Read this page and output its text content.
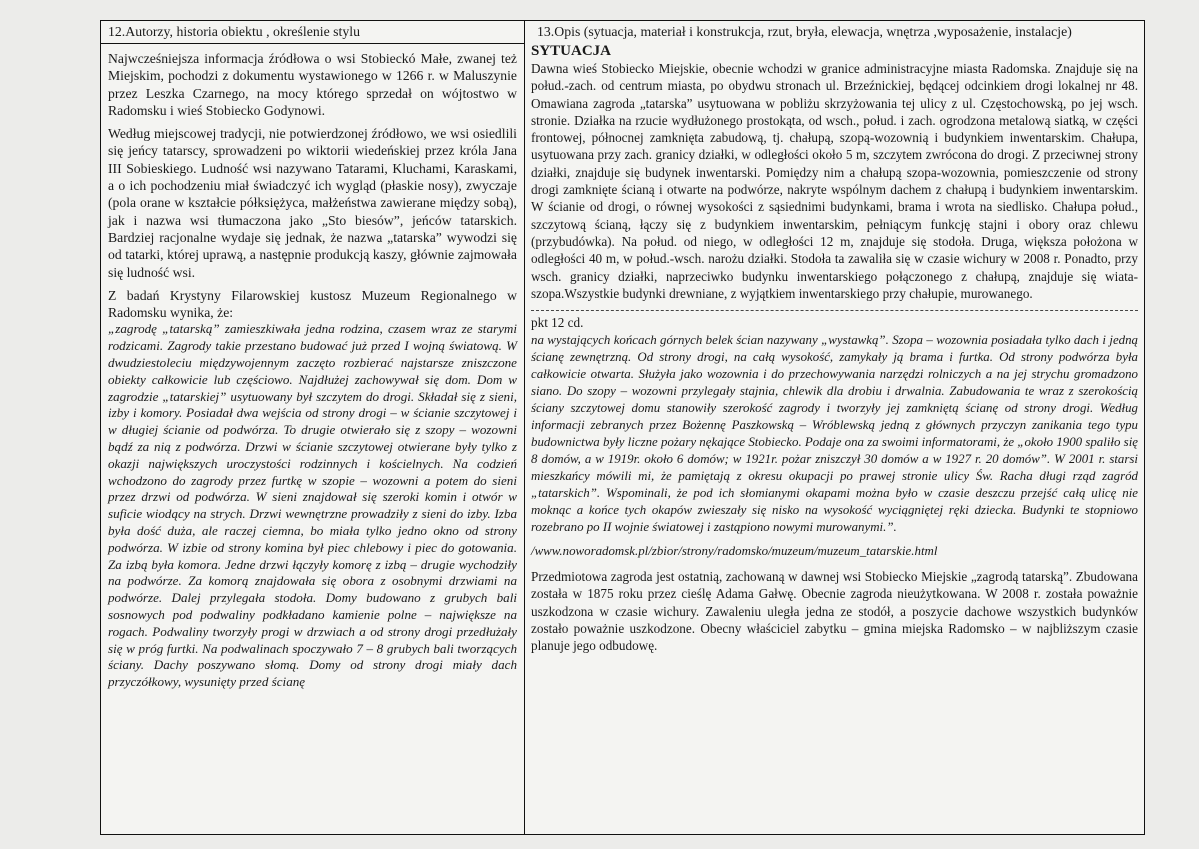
12.Autorzy, historia obiektu , określenie stylu

Najwcześniejsza informacja źródłowa o wsi Stobieckó Małe, zwanej też Miejskim, pochodzi z dokumentu wystawionego w 1266 r. w Maluszynie przez Leszka Czarnego, na mocy którego sprzedał on wójtostwo w Radomsku i wieś Stobiecko Godynowi.

Według miejscowej tradycji, nie potwierdzonej źródłowo, we wsi osiedlili się jeńcy tatarscy, sprowadzeni po wiktorii wiedeńskiej przez króla Jana III Sobieskiego. Ludność wsi nazywano Tatarami, Kluchami, Karaskami, a o ich pochodzeniu miał świadczyć ich wygląd (płaskie nosy), zwyczaje (pola orane w kształcie półksiężyca, małżeństwa zawierane między sobą), jak i nazwa wsi tłumaczona jako „Sto biesów”, jeńców tatarskich. Bardziej racjonalne wydaje się jednak, że nazwa „tatarska” wywodzi się od tatarki, której uprawą, a następnie produkcją kaszy, głównie zajmowała się ludność wsi.

Z badań Krystyny Filarowskiej kustosz Muzeum Regionalnego w Radomsku wynika, że:

„zagrodę „tatarską” zamieszkiwała jedna rodzina, czasem wraz ze starymi rodzicami. Zagrody takie przestano budować już przed I wojną światową. W dwudziestoleciu międzywojennym zaczęto rozbierać najstarsze zniszczone obiekty całkowicie lub częściowo. Najdłużej zachowywał się dom. Dom w zagrodzie „tatarskiej” usytuowany był szczytem do drogi. Składał się z sieni, izby i komory. Posiadał dwa wejścia od strony drogi – w ścianie szczytowej i w długiej ścianie od podwórza. To drugie otwierało się z szopy – wozowni bądź za nią z podwórza. Drzwi w ścianie szczytowej otwierane były tylko z okazji największych uroczystości rodzinnych i kościelnych. Na codzień wchodzono do zagrody przez furtkę w szopie – wozowni a potem do sieni przez drzwi od podwórza. W sieni znajdował się szeroki komin i otwór w suficie wiodący na strych. Drzwi wewnętrzne prowadziły z sieni do izby. Izba była dość duża, ale raczej ciemna, bo miała tylko jedno okno od strony podwórza. W izbie od strony komina był piec chlebowy i piec do gotowania. Za izbą była komora. Jedne drzwi łączyły komorę z izbą – drugie wychodziły na podwórze. Za komorą znajdowała się obora z osobnymi drzwiami na podwórze. Dalej przylegała stodoła. Domy budowano z grubych bali sosnowych pod podwaliny podkładano kamienie polne – największe na rogach. Podwaliny tworzyły progi w drzwiach a od strony drogi przedłużały się w próg furtki. Na podwalinach spoczywało 7 – 8 grubych bali tworzących ściany. Dachy poszywano słomą. Domy od strony drogi miały dach przyczółkowy, wysunięty przed ścianę

13.Opis (sytuacja, materiał i konstrukcja, rzut, bryła, elewacja, wnętrza ,wyposażenie, instalacje)
SYTUACJA

Dawna wieś Stobiecko Miejskie, obecnie wchodzi w granice administracyjne miasta Radomska. Znajduje się na połud.-zach. od centrum miasta, po obydwu stronach ul. Brzeźnickiej, będącej odcinkiem drogi lokalnej nr 48. Omawiana zagroda „tatarska” usytuowana w pobliżu skrzyżowania tej ulicy z ul. Częstochowską, po jej wsch. stronie. Działka na rzucie wydłużonego prostokąta, od wsch., połud. i zach. ogrodzona metalową siatką, w części frontowej, północnej zamknięta zabudową, tj. chałupą, szopą-wozownią i budynkiem inwentarskim. Chałupa, usytuowana przy zach. granicy działki, w odległości około 5 m, szczytem zwrócona do drogi. Z przeciwnej strony działki, znajduje się budynek inwentarski. Pomiędzy nim a chałupą szopa-wozownia, pomieszczenie od strony drogi zamknięte ścianą i otwarte na podwórze, nakryte wspólnym dachem z chałupą i budynkiem inwentarskim. W ścianie od drogi, o równej wysokości z sąsiednimi budynkami, brama i wrota na siedlisko. Chałupa połud., szczytową ścianą, łączy się z budynkiem inwentarskim, pełniącym funkcję stajni i obory oraz chlewu (przybudówka). Na połud. od niego, w odległości 12 m, znajduje się stodoła. Druga, większa położona w odległości 40 m, w połud.-wsch. narożu działki. Stodoła ta zawaliła się w czasie wichury w 2008 r. Ponadto, przy wsch. granicy działki, naprzeciwko budynku inwentarskiego połączonego z chałupą, znajduje się wiata-szopa.Wszystkie budynki drewniane, z wyjątkiem inwentarskiego przy chałupie, murowanego.

pkt 12 cd.

na wystających końcach górnych belek ścian nazywany „wystawką”. Szopa – wozownia posiadała tylko dach i jedną ścianę zewnętrzną. Od strony drogi, na całą wysokość, zamykały ją brama i furtka. Od strony podwórza była całkowicie otwarta. Służyła jako wozownia i do przechowywania narzędzi rolniczych a na jej strychu gromadzono siano. Do szopy – wozowni przylegały stajnia, chlewik dla drobiu i drwalnia. Zabudowania te wraz z szerokością ściany szczytowej domu stanowiły szerokość zagrody i tworzyły jej zamkniętą ścianę od strony drogi. Według informacji zebranych przez Bożennę Paszkowską – Wróblewską jedną z głównych przyczyn zanikania tego typu budownictwa były liczne pożary nękające Stobiecko. Podaje ona za swoimi informatorami, że „około 1900 spaliło się 8 domów, a w 1919r. około 6 domów; w 1921r. pożar zniszczył 30 domów a w 1927 r. 20 domów”. W 2001 r. starsi mieszkańcy mówili mi, że pamiętają z okresu okupacji po prawej stronie ulicy Św. Racha długi rząd zagród „tatarskich”. Wspominali, że pod ich słomianymi okapami można było w czasie deszczu przejść całą ulicę nie moknąc a końce tych okapów zwieszały się nisko na wysokość wyciągniętej ręki dziecka. Budynki te stopniowo rozebrano po II wojnie światowej i zastąpiono nowymi murowanymi.”.

/www.noworadomsk.pl/zbior/strony/radomsko/muzeum/muzeum_tatarskie.html

Przedmiotowa zagroda jest ostatnią, zachowaną w dawnej wsi Stobiecko Miejskie „zagrodą tatarską”. Zbudowana została w 1875 roku przez cieślę Adama Gałwę. Obecnie zagroda nieużytkowana. W 2008 r. została poważnie uszkodzona w czasie wichury. Zawaleniu uległa jedna ze stodół, a poszycie dachowe wszystkich budynków zostało poważnie uszkodzone. Obecny właściciel zabytku – gmina miejska Radomsko – w najbliższym czasie planuje jego odbudowę.
